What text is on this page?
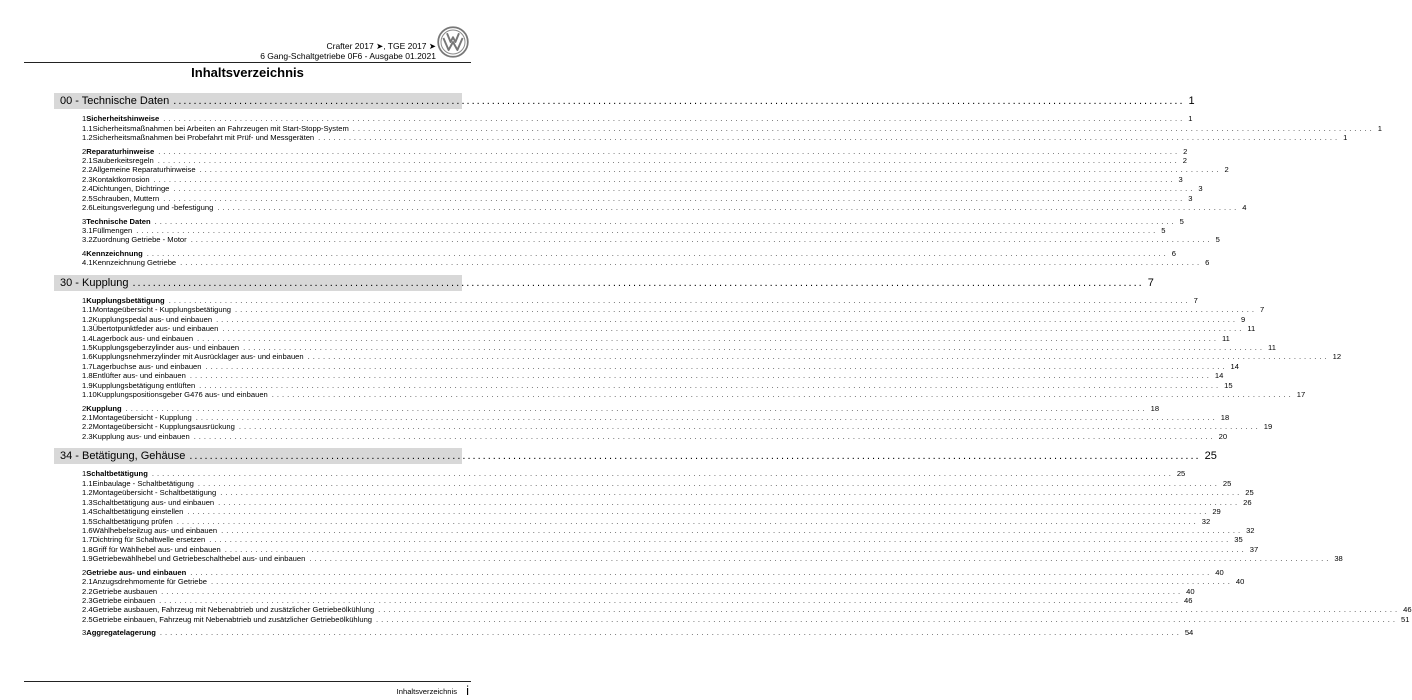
Crafter 2017 ➤, TGE 2017 ➤
6 Gang-Schaltgetriebe 0F6 - Ausgabe 01.2021
Inhaltsverzeichnis
00 - Technische Daten ........................................................................................................................................................................................................ 1
1 Sicherheitshinweise ........................................................................................................................................................................................................ 1
1.1 Sicherheitsmaßnahmen bei Arbeiten an Fahrzeugen mit Start-Stopp-System ........................................................................................................................................................................................................ 1
1.2 Sicherheitsmaßnahmen bei Probefahrt mit Prüf- und Messgeräten ........................................................................................................................................................................................................ 1
2 Reparaturhinweise ........................................................................................................................................................................................................ 2
2.1 Sauberkeitsregeln ........................................................................................................................................................................................................ 2
2.2 Allgemeine Reparaturhinweise ........................................................................................................................................................................................................ 2
2.3 Kontaktkorrosion ........................................................................................................................................................................................................ 3
2.4 Dichtungen, Dichtringe ........................................................................................................................................................................................................ 3
2.5 Schrauben, Muttern ........................................................................................................................................................................................................ 3
2.6 Leitungsverlegung und -befestigung ........................................................................................................................................................................................................ 4
3 Technische Daten ........................................................................................................................................................................................................ 5
3.1 Füllmengen ........................................................................................................................................................................................................ 5
3.2 Zuordnung Getriebe - Motor ........................................................................................................................................................................................................ 5
4 Kennzeichnung ........................................................................................................................................................................................................ 6
4.1 Kennzeichnung Getriebe ........................................................................................................................................................................................................ 6
30 - Kupplung ........................................................................................................................................................................................................ 7
1 Kupplungsbetätigung ........................................................................................................................................................................................................ 7
1.1 Montageübersicht - Kupplungsbetätigung ........................................................................................................................................................................................................ 7
1.2 Kupplungspedal aus- und einbauen ........................................................................................................................................................................................................ 9
1.3 Übertotpunktfeder aus- und einbauen ........................................................................................................................................................................................................ 11
1.4 Lagerbock aus- und einbauen ........................................................................................................................................................................................................ 11
1.5 Kupplungsgeberzylinder aus- und einbauen ........................................................................................................................................................................................................ 11
1.6 Kupplungsnehmerzylinder mit Ausrücklager aus- und einbauen ........................................................................................................................................................................................................ 12
1.7 Lagerbuchse aus- und einbauen ........................................................................................................................................................................................................ 14
1.8 Entlüfter aus- und einbauen ........................................................................................................................................................................................................ 14
1.9 Kupplungsbetätigung entlüften ........................................................................................................................................................................................................ 15
1.10 Kupplungspositionsgeber G476 aus- und einbauen ........................................................................................................................................................................................................ 17
2 Kupplung ........................................................................................................................................................................................................ 18
2.1 Montageübersicht - Kupplung ........................................................................................................................................................................................................ 18
2.2 Montageübersicht - Kupplungsausrückung ........................................................................................................................................................................................................ 19
2.3 Kupplung aus- und einbauen ........................................................................................................................................................................................................ 20
34 - Betätigung, Gehäuse ........................................................................................................................................................................................................ 25
1 Schaltbetätigung ........................................................................................................................................................................................................ 25
1.1 Einbaulage - Schaltbetätigung ........................................................................................................................................................................................................ 25
1.2 Montageübersicht - Schaltbetätigung ........................................................................................................................................................................................................ 25
1.3 Schaltbetätigung aus- und einbauen ........................................................................................................................................................................................................ 26
1.4 Schaltbetätigung einstellen ........................................................................................................................................................................................................ 29
1.5 Schaltbetätigung prüfen ........................................................................................................................................................................................................ 32
1.6 Wählhebelseilzug aus- und einbauen ........................................................................................................................................................................................................ 32
1.7 Dichtring für Schaltwelle ersetzen ........................................................................................................................................................................................................ 35
1.8 Griff für Wählhebel aus- und einbauen ........................................................................................................................................................................................................ 37
1.9 Getriebewählhebel und Getriebeschalthebel aus- und einbauen ........................................................................................................................................................................................................ 38
2 Getriebe aus- und einbauen ........................................................................................................................................................................................................ 40
2.1 Anzugsdrehmomente für Getriebe ........................................................................................................................................................................................................ 40
2.2 Getriebe ausbauen ........................................................................................................................................................................................................ 40
2.3 Getriebe einbauen ........................................................................................................................................................................................................ 46
2.4 Getriebe ausbauen, Fahrzeug mit Nebenabtrieb und zusätzlicher Getriebeölkühlung ........................................................................................................................................................................................................ 46
2.5 Getriebe einbauen, Fahrzeug mit Nebenabtrieb und zusätzlicher Getriebeölkühlung ........................................................................................................................................................................................................ 51
3 Aggregatelagerung ........................................................................................................................................................................................................ 54
Inhaltsverzeichnis i
